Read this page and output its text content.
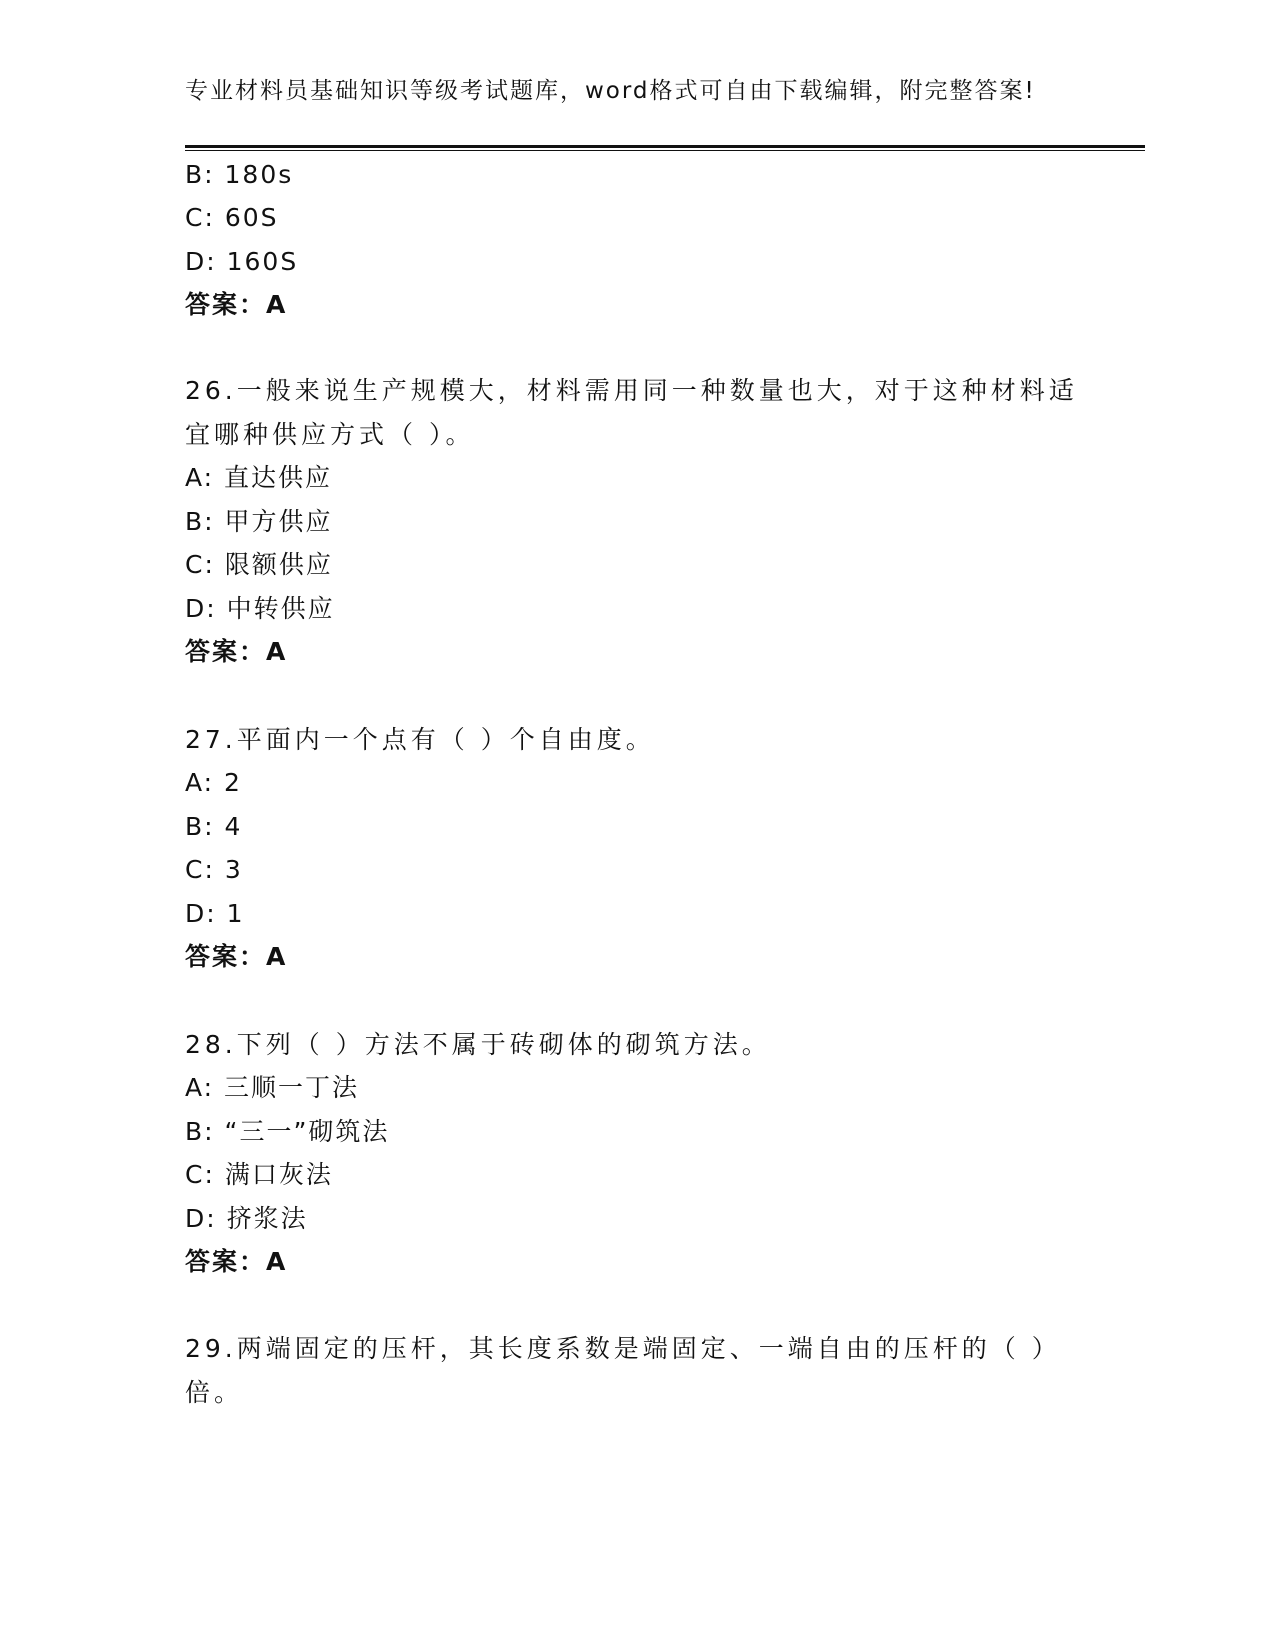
专业材料员基础知识等级考试题库，word格式可自由下载编辑，附完整答案!
B: 180s
C: 60S
D: 160S
答案：A
26.一般来说生产规模大，材料需用同一种数量也大，对于这种材料适
宜哪种供应方式（ ）。
A: 直达供应
B: 甲方供应
C: 限额供应
D: 中转供应
答案：A
27.平面内一个点有（ ）个自由度。
A: 2
B: 4
C: 3
D: 1
答案：A
28.下列（ ）方法不属于砖砌体的砌筑方法。
A: 三顺一丁法
B: “三一”砌筑法
C: 满口灰法
D: 挤浆法
答案：A
29.两端固定的压杆，其长度系数是端固定、一端自由的压杆的（ ）
倍。
